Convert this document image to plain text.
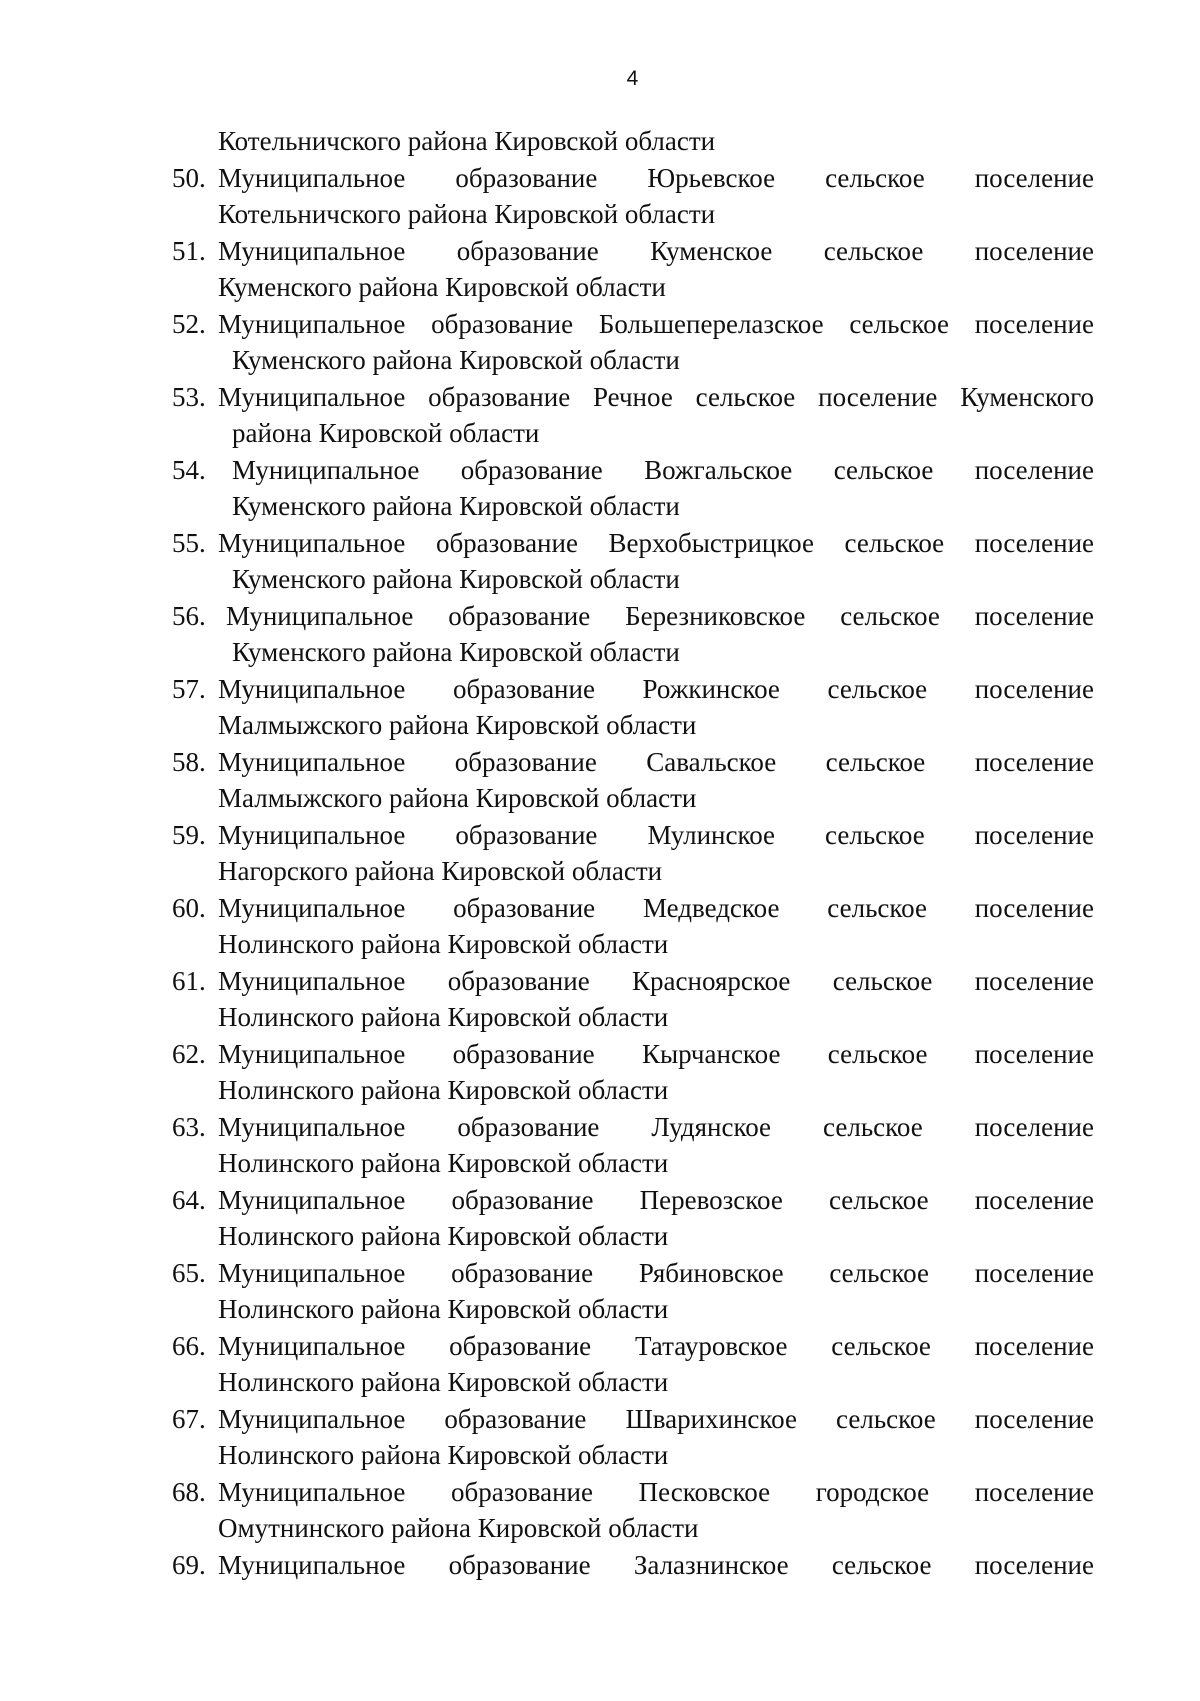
4
Котельничского района Кировской области
50. Муниципальное образование Юрьевское сельское поселение
Котельничского района Кировской области
51. Муниципальное образование Куменское сельское поселение
Куменского района Кировской области
52. Муниципальное образование Большеперелазское сельское поселение
Куменского района Кировской области
53. Муниципальное образование Речное сельское поселение Куменского
района Кировской области
54. Муниципальное образование Вожгальское сельское поселение
Куменского района Кировской области
55. Муниципальное образование Верхобыстрицкое сельское поселение
Куменского района Кировской области
56. Муниципальное образование Березниковское сельское поселение
Куменского района Кировской области
57. Муниципальное образование Рожкинское сельское поселение
Малмыжского района Кировской области
58. Муниципальное образование Савальское сельское поселение
Малмыжского района Кировской области
59. Муниципальное образование Мулинское сельское поселение
Нагорского района Кировской области
60. Муниципальное образование Медведское сельское поселение
Нолинского района Кировской области
61. Муниципальное образование Красноярское сельское поселение
Нолинского района Кировской области
62. Муниципальное образование Кырчанское сельское поселение
Нолинского района Кировской области
63. Муниципальное образование Лудянское сельское поселение
Нолинского района Кировской области
64. Муниципальное образование Перевозское сельское поселение
Нолинского района Кировской области
65. Муниципальное образование Рябиновское сельское поселение
Нолинского района Кировской области
66. Муниципальное образование Татауровское сельское поселение
Нолинского района Кировской области
67. Муниципальное образование Шварихинское сельское поселение
Нолинского района Кировской области
68. Муниципальное образование Песковское городское поселение
Омутнинского района Кировской области
69. Муниципальное образование Залазнинское сельское поселение
